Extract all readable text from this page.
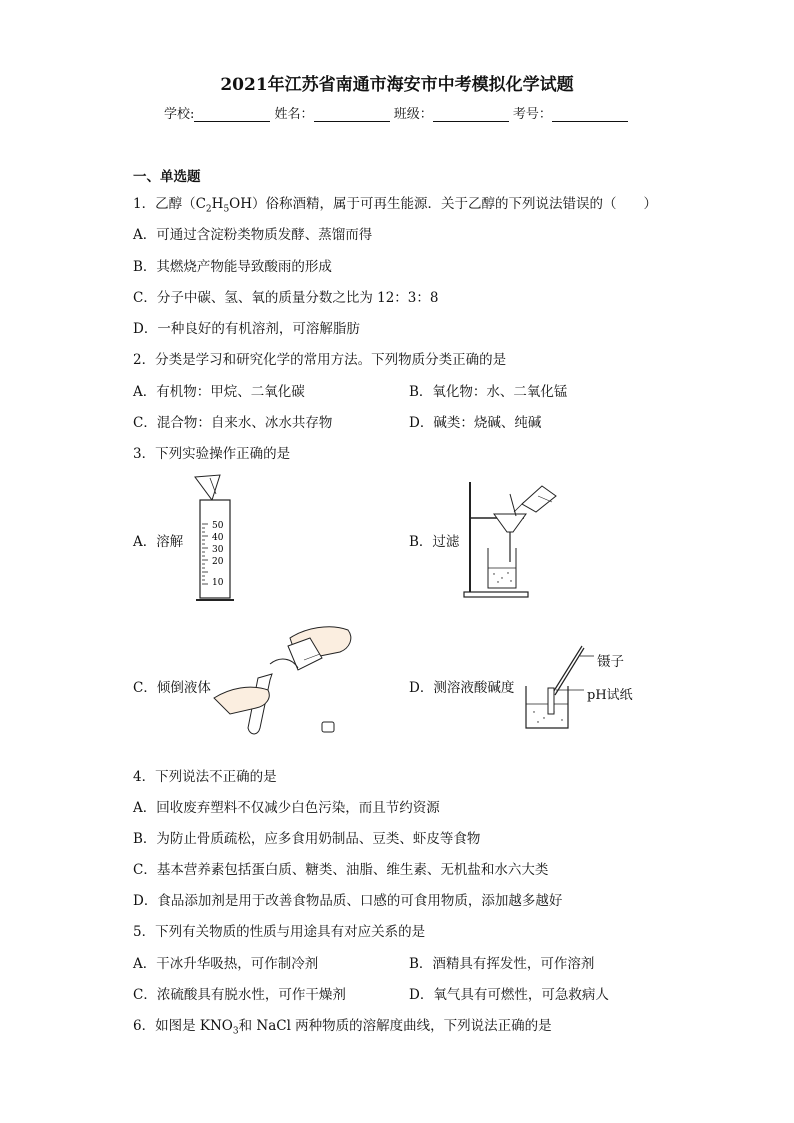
2021年江苏省南通市海安市中考模拟化学试题
学校:	姓名：	班级：	考号：
一、单选题
1．乙醇$(C_2H_5OH)$俗称酒精，属于可再生能源．关于乙醇的下列说法错误的（　　）
A．可通过含淀粉类物质发酵、蒸馏而得
B．其燃烧产物能导致酸雨的形成
C．分子中碳、氢、氧的质量分数之比为 12：3：8
D．一种良好的有机溶剂，可溶解脂肪
2．分类是学习和研究化学的常用方法。下列物质分类正确的是
A．有机物：甲烷、二氧化碳	B．氧化物：水、二氧化锰
C．混合物：自来水、冰水共存物	D．碱类：烧碱、纯碱
3．下列实验操作正确的是
A．溶解	B．过滤
C．倾倒液体	D．测溶液酸碱度
50
40
30
20
10
镊子
pH试纸
4．下列说法不正确的是
A．回收废弃塑料不仅减少白色污染，而且节约资源
B．为防止骨质疏松，应多食用奶制品、豆类、虾皮等食物
C．基本营养素包括蛋白质、糖类、油脂、维生素、无机盐和水六大类
D．食品添加剂是用于改善食物品质、口感的可食用物质，添加越多越好
5．下列有关物质的性质与用途具有对应关系的是
A．干冰升华吸热，可作制冷剂	B．酒精具有挥发性，可作溶剂
C．浓硫酸具有脱水性，可作干燥剂	D．氧气具有可燃性，可急救病人
6．如图是 $KNO_3$和 NaCl 两种物质的溶解度曲线，下列说法正确的是
